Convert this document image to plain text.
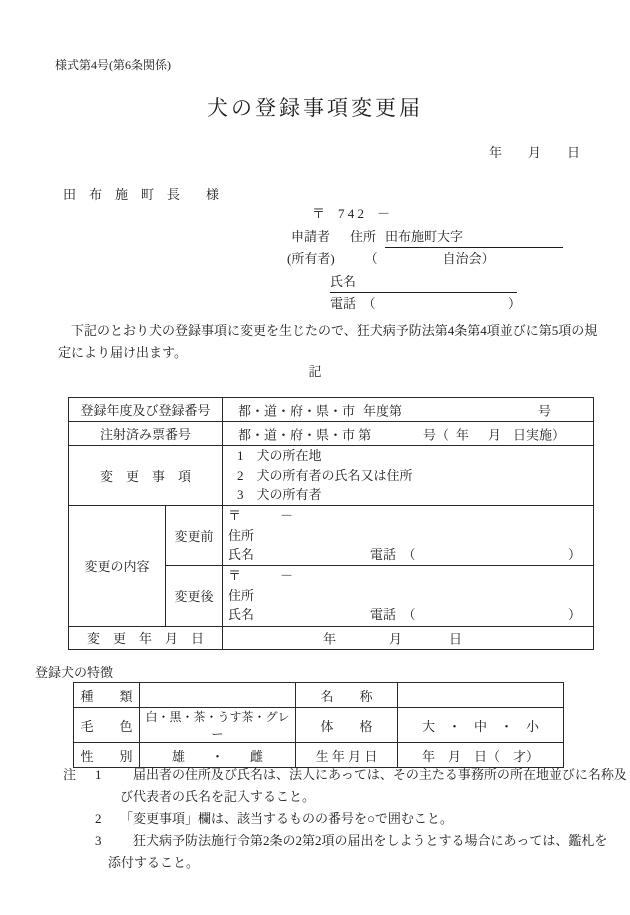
様式第4号(第6条関係)
犬の登録事項変更届
年　　月　　日
田　布　施　町　長　　様
〒　7 4 2　－
申請者 住所 田布施町大字
(所有者) （　　　　　自治会）
氏名
電話　（	）
　下記のとおり犬の登録事項に変更を生じたので、狂犬病予防法第4条第4項並びに第5項の規
定により届け出ます。
記
登録年度及び登録番号		都・道・府・県・市 年度第 号

注射済み票番号		都・道・府・県・市 第 号（ 年 月 日実施）

変　更　事　項		1　犬の所在地
2　犬の所有者の氏名又は住所
3　犬の所有者

変更の内容	変更前	〒　　　－
住所
氏名 電話　（ ）

	変更後	〒　　　－
住所
氏名 電話　（ ）

変　更　年　月　日		年 月 日
登録犬の特徴
種　　類		名　　称	
毛　　色	白・黒・茶・うす茶・グレー	体　　格	大　・　中　・　小
性　　別	雄　　・　　雌	生 年 月 日	年　月　日（　才）
注	1	届出者の住所及び氏名は、法人にあっては、その主たる事務所の所在地並びに名称及
び代表者の氏名を記入すること。
2	「変更事項」欄は、該当するものの番号を○で囲むこと。
3	狂犬病予防法施行令第2条の2第2項の届出をしようとする場合にあっては、鑑札を
添付すること。
